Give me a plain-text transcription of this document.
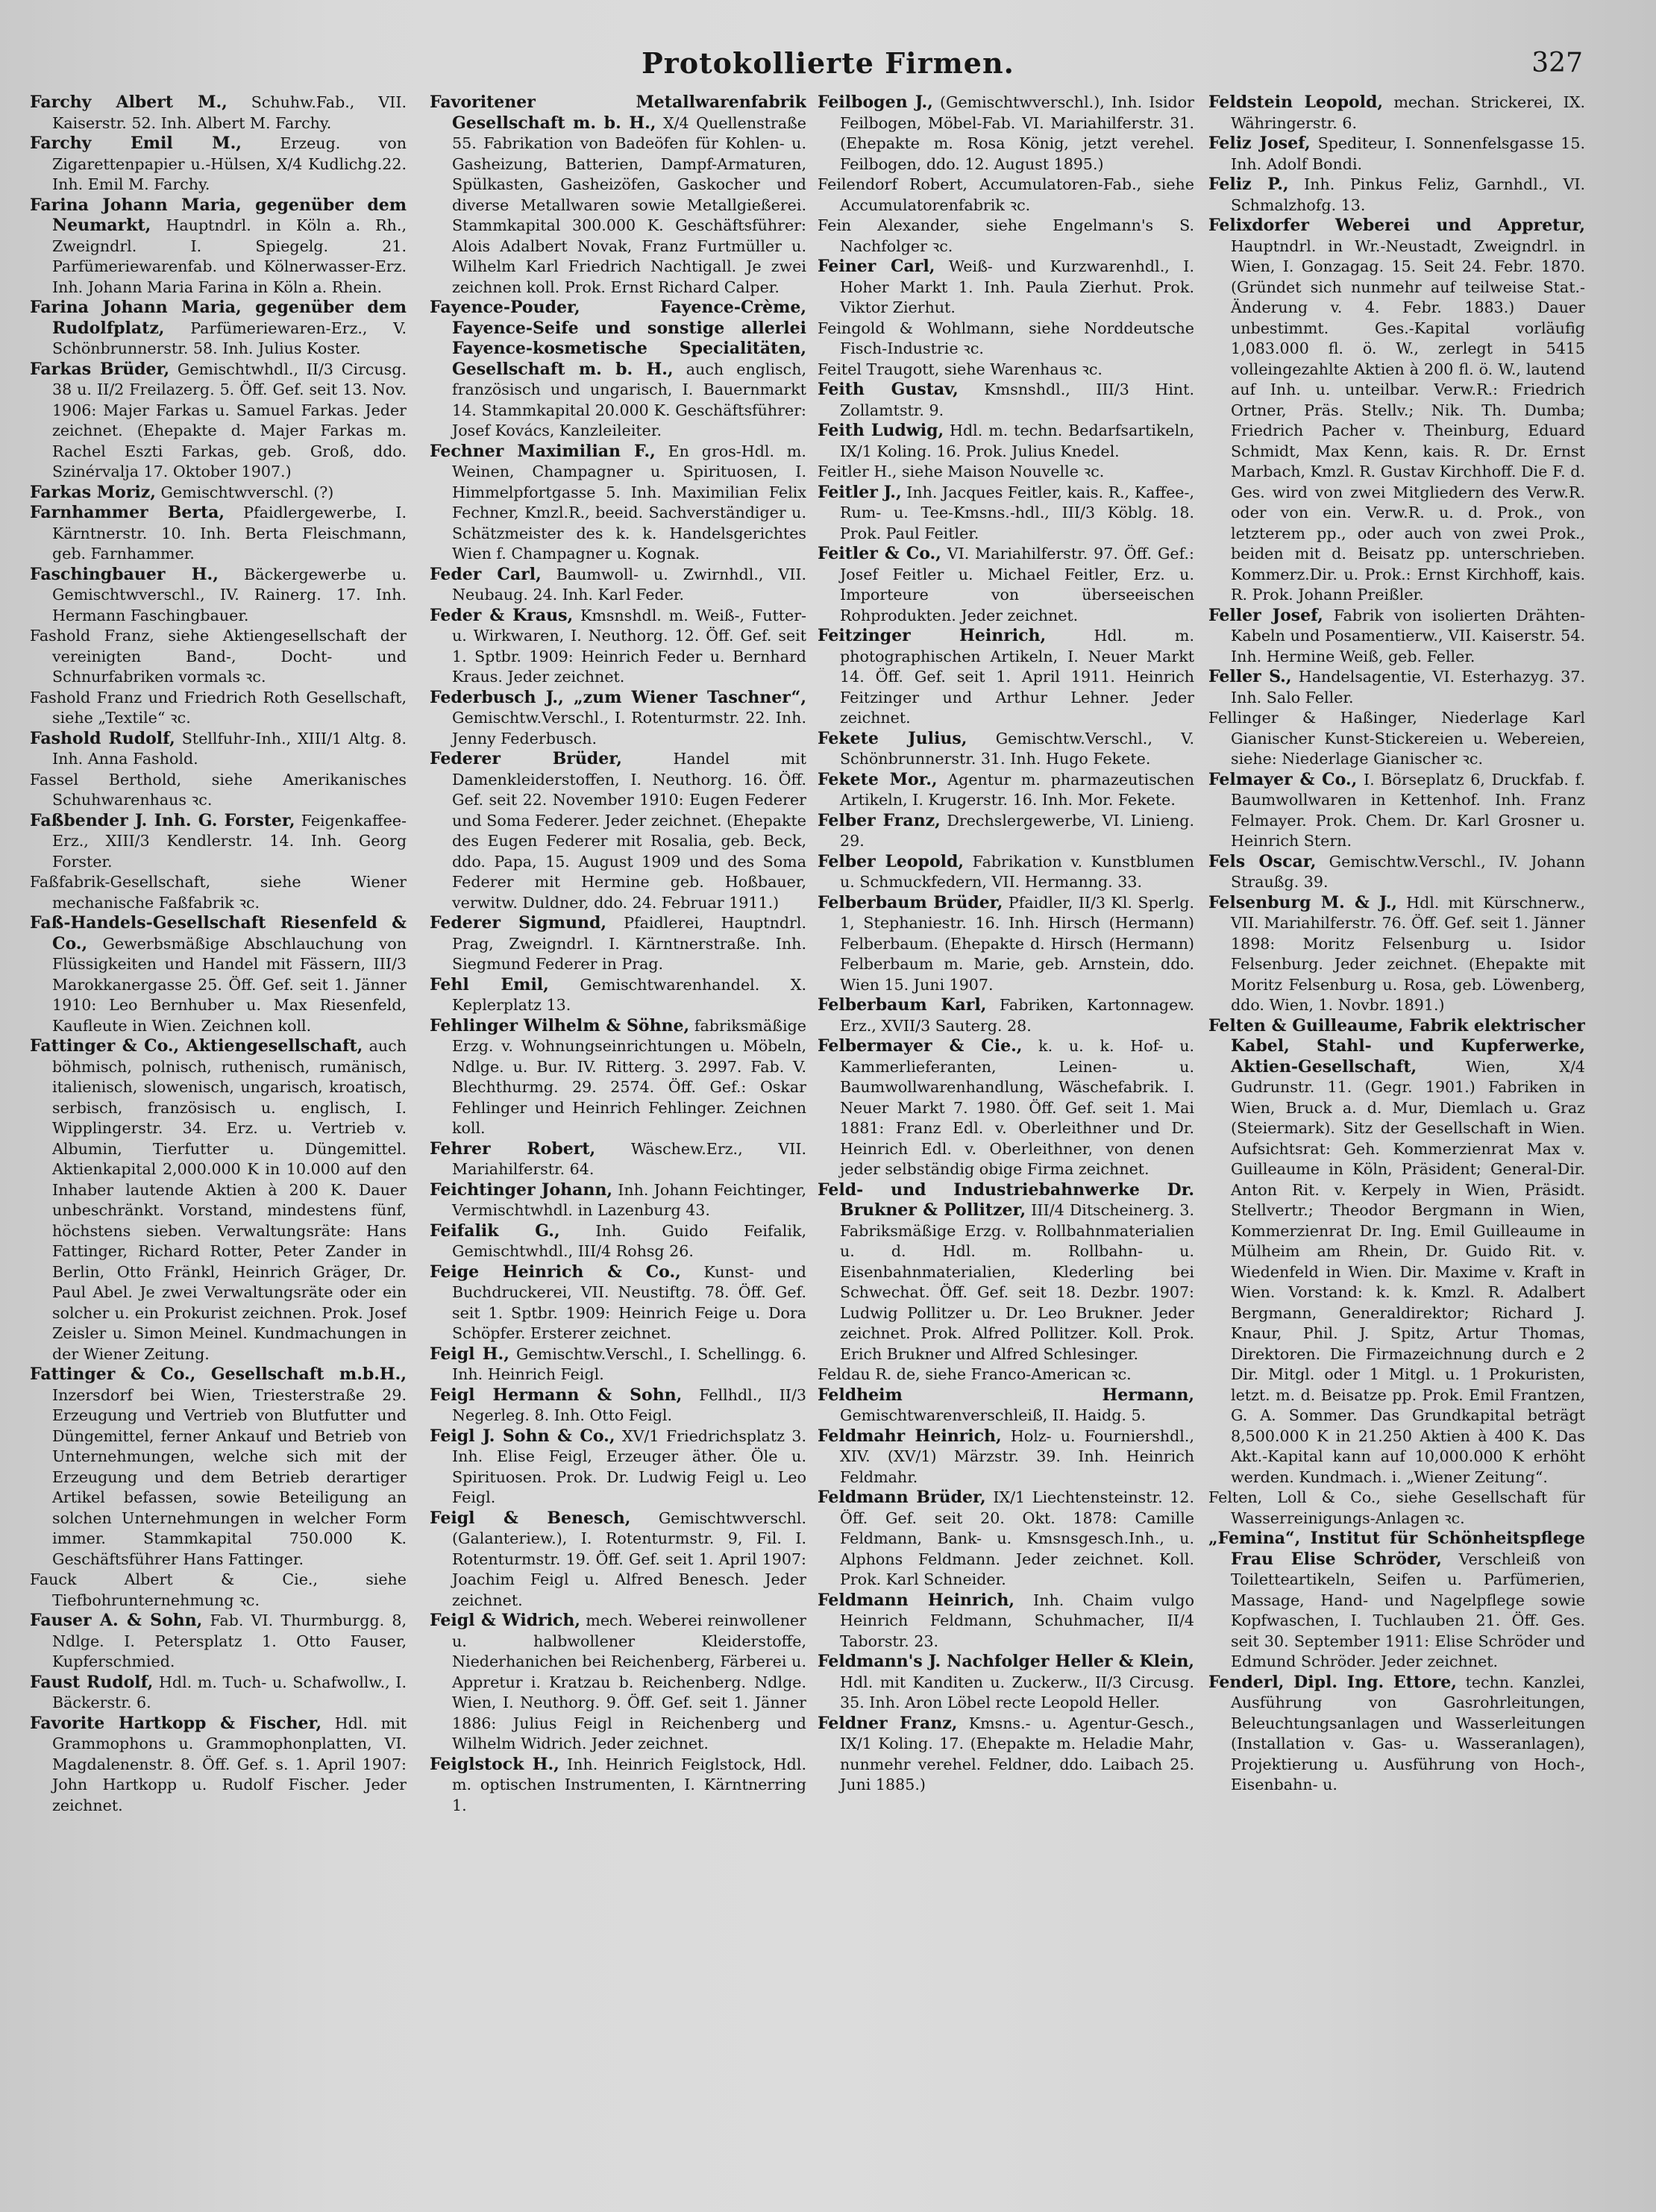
Protokollierte Firmen.	327

Farchy Albert M., Schuhw.Fab., VII. Kaiserstr. 52. Inh. Albert M. Farchy.

Farchy Emil M., Erzeug. von Zigarettenpapier u.-Hülsen, X/4 Kudlichg.22. Inh. Emil M. Farchy.

Farina Johann Maria, gegenüber dem Neumarkt, Hauptndrl. in Köln a. Rh., Zweigndrl. I. Spiegelg. 21. Parfümeriewarenfab. und Kölnerwasser-Erz. Inh. Johann Maria Farina in Köln a. Rhein.

Farina Johann Maria, gegenüber dem Rudolfplatz, Parfümeriewaren-Erz., V. Schönbrunnerstr. 58. Inh. Julius Koster.

Farkas Brüder, Gemischtwhdl., II/3 Circusg. 38 u. II/2 Freilazerg. 5. Öff. Gef. seit 13. Nov. 1906: Majer Farkas u. Samuel Farkas. Jeder zeichnet. (Ehepakte d. Majer Farkas m. Rachel Eszti Farkas, geb. Groß, ddo. Szinérvalja 17. Oktober 1907.)

Farkas Moriz, Gemischtwverschl. (?)

Farnhammer Berta, Pfaidlergewerbe, I. Kärntnerstr. 10. Inh. Berta Fleischmann, geb. Farnhammer.

Faschingbauer H., Bäckergewerbe u. Gemischtwverschl., IV. Rainerg. 17. Inh. Hermann Faschingbauer.

Fashold Franz, siehe Aktiengesellschaft der vereinigten Band-, Docht- und Schnurfabriken vormals ꝛc.

Fashold Franz und Friedrich Roth Gesellschaft, siehe „Textile“ ꝛc.

Fashold Rudolf, Stellfuhr-Inh., XIII/1 Altg. 8. Inh. Anna Fashold.

Fassel Berthold, siehe Amerikanisches Schuhwarenhaus ꝛc.

Faßbender J. Inh. G. Forster, Feigenkaffee-Erz., XIII/3 Kendlerstr. 14. Inh. Georg Forster.

Faßfabrik-Gesellschaft, siehe Wiener mechanische Faßfabrik ꝛc.

Faß-Handels-Gesellschaft Riesenfeld & Co., Gewerbsmäßige Abschlauchung von Flüssigkeiten und Handel mit Fässern, III/3 Marokkanergasse 25. Öff. Gef. seit 1. Jänner 1910: Leo Bernhuber u. Max Riesenfeld, Kaufleute in Wien. Zeichnen koll.

Fattinger & Co., Aktiengesellschaft, auch böhmisch, polnisch, ruthenisch, rumänisch, italienisch, slowenisch, ungarisch, kroatisch, serbisch, französisch u. englisch, I. Wipplingerstr. 34. Erz. u. Vertrieb v. Albumin, Tierfutter u. Düngemittel. Aktienkapital 2,000.000 K in 10.000 auf den Inhaber lautende Aktien à 200 K. Dauer unbeschränkt. Vorstand, mindestens fünf, höchstens sieben. Verwaltungsräte: Hans Fattinger, Richard Rotter, Peter Zander in Berlin, Otto Fränkl, Heinrich Gräger, Dr. Paul Abel. Je zwei Verwaltungsräte oder ein solcher u. ein Prokurist zeichnen. Prok. Josef Zeisler u. Simon Meinel. Kundmachungen in der Wiener Zeitung.

Fattinger & Co., Gesellschaft m.b.H., Inzersdorf bei Wien, Triesterstraße 29. Erzeugung und Vertrieb von Blutfutter und Düngemittel, ferner Ankauf und Betrieb von Unternehmungen, welche sich mit der Erzeugung und dem Betrieb derartiger Artikel befassen, sowie Beteiligung an solchen Unternehmungen in welcher Form immer. Stammkapital 750.000 K. Geschäftsführer Hans Fattinger.

Fauck Albert & Cie., siehe Tiefbohrunternehmung ꝛc.

Fauser A. & Sohn, Fab. VI. Thurmburgg. 8, Ndlge. I. Petersplatz 1. Otto Fauser, Kupferschmied.

Faust Rudolf, Hdl. m. Tuch- u. Schafwollw., I. Bäckerstr. 6.

Favorite Hartkopp & Fischer, Hdl. mit Grammophons u. Grammophonplatten, VI. Magdalenenstr. 8. Öff. Gef. s. 1. April 1907: John Hartkopp u. Rudolf Fischer. Jeder zeichnet.

Favoritener Metallwarenfabrik Gesellschaft m. b. H., X/4 Quellenstraße 55. Fabrikation von Badeöfen für Kohlen- u. Gasheizung, Batterien, Dampf-Armaturen, Spülkasten, Gasheizöfen, Gaskocher und diverse Metallwaren sowie Metallgießerei. Stammkapital 300.000 K. Geschäftsführer: Alois Adalbert Novak, Franz Furtmüller u. Wilhelm Karl Friedrich Nachtigall. Je zwei zeichnen koll. Prok. Ernst Richard Calper.

Fayence-Pouder, Fayence-Crème, Fayence-Seife und sonstige allerlei Fayence-kosmetische Specialitäten, Gesellschaft m. b. H., auch englisch, französisch und ungarisch, I. Bauernmarkt 14. Stammkapital 20.000 K. Geschäftsführer: Josef Kovács, Kanzleileiter.

Fechner Maximilian F., En gros-Hdl. m. Weinen, Champagner u. Spirituosen, I. Himmelpfortgasse 5. Inh. Maximilian Felix Fechner, Kmzl.R., beeid. Sachverständiger u. Schätzmeister des k. k. Handelsgerichtes Wien f. Champagner u. Kognak.

Feder Carl, Baumwoll- u. Zwirnhdl., VII. Neubaug. 24. Inh. Karl Feder.

Feder & Kraus, Kmsnshdl. m. Weiß-, Futter- u. Wirkwaren, I. Neuthorg. 12. Öff. Gef. seit 1. Sptbr. 1909: Heinrich Feder u. Bernhard Kraus. Jeder zeichnet.

Federbusch J., „zum Wiener Taschner“, Gemischtw.Verschl., I. Rotenturmstr. 22. Inh. Jenny Federbusch.

Federer Brüder,	Handel mit Damenkleiderstoffen, I. Neuthorg. 16. Öff. Gef. seit 22. November 1910: Eugen Federer und Soma Federer. Jeder zeichnet. (Ehepakte des Eugen Federer mit Rosalia, geb. Beck, ddo. Papa, 15. August 1909 und des Soma Federer mit Hermine geb. Hoßbauer, verwitw. Duldner, ddo. 24. Februar 1911.)

Federer Sigmund, Pfaidlerei, Hauptndrl. Prag, Zweigndrl. I. Kärntnerstraße. Inh. Siegmund Federer in Prag.

Fehl Emil, Gemischtwarenhandel. X. Keplerplatz 13.

Fehlinger Wilhelm & Söhne, fabriksmäßige Erzg. v. Wohnungseinrichtungen u. Möbeln, Ndlge. u. Bur. IV. Ritterg. 3. 2997. Fab. V. Blechthurmg. 29. 2574. Öff. Gef.: Oskar Fehlinger und Heinrich Fehlinger. Zeichnen koll.

Fehrer Robert, Wäschew.Erz., VII. Mariahilferstr. 64.

Feichtinger Johann, Inh. Johann Feichtinger, Vermischtwhdl. in Lazenburg 43.

Feifalik G., Inh. Guido Feifalik, Gemischtwhdl., III/4 Rohsg 26.

Feige Heinrich & Co., Kunst- und Buchdruckerei, VII. Neustiftg. 78. Öff. Gef. seit 1. Sptbr. 1909: Heinrich Feige u. Dora Schöpfer. Ersterer zeichnet.

Feigl H., Gemischtw.Verschl., I. Schellingg. 6. Inh. Heinrich Feigl.

Feigl Hermann & Sohn, Fellhdl., II/3 Negerleg. 8. Inh. Otto Feigl.

Feigl J. Sohn & Co., XV/1 Friedrichsplatz 3. Inh. Elise Feigl, Erzeuger äther. Öle u. Spirituosen. Prok. Dr. Ludwig Feigl u. Leo Feigl.

Feigl & Benesch, Gemischtwverschl. (Galanteriew.), I. Rotenturmstr. 9, Fil. I. Rotenturmstr. 19. Öff. Gef. seit 1. April 1907: Joachim Feigl u. Alfred Benesch. Jeder zeichnet.

Feigl & Widrich, mech. Weberei reinwollener u. halbwollener Kleiderstoffe, Niederhanichen bei Reichenberg, Färberei u. Appretur i. Kratzau b. Reichenberg. Ndlge. Wien, I. Neuthorg. 9. Öff. Gef. seit 1. Jänner 1886: Julius Feigl in Reichenberg und Wilhelm Widrich. Jeder zeichnet.

Feiglstock H., Inh. Heinrich Feiglstock, Hdl. m. optischen Instrumenten, I. Kärntnerring 1.

Feilbogen J., (Gemischtwverschl.), Inh. Isidor Feilbogen, Möbel-Fab. VI. Mariahilferstr. 31. (Ehepakte m. Rosa König, jetzt verehel. Feilbogen, ddo. 12. August 1895.)

Feilendorf Robert, Accumulatoren-Fab., siehe Accumulatorenfabrik ꝛc.

Fein Alexander, siehe Engelmann's S. Nachfolger ꝛc.

Feiner Carl, Weiß- und Kurzwarenhdl., I. Hoher Markt 1. Inh. Paula Zierhut. Prok. Viktor Zierhut.

Feingold & Wohlmann, siehe Norddeutsche Fisch-Industrie ꝛc.

Feitel Traugott, siehe Warenhaus ꝛc.

Feith Gustav, Kmsnshdl., III/3 Hint. Zollamtstr. 9.

Feith Ludwig, Hdl. m. techn. Bedarfsartikeln, IX/1 Koling. 16. Prok. Julius Knedel.

Feitler H., siehe Maison Nouvelle ꝛc.

Feitler J., Inh. Jacques Feitler, kais. R., Kaffee-, Rum- u. Tee-Kmsns.-hdl., III/3 Köblg. 18. Prok. Paul Feitler.

Feitler & Co., VI. Mariahilferstr. 97. Öff. Gef.: Josef Feitler u. Michael Feitler, Erz. u. Importeure von überseeischen Rohprodukten. Jeder zeichnet.

Feitzinger Heinrich,	Hdl. m. photographischen Artikeln, I. Neuer Markt 14. Öff. Gef. seit 1. April 1911. Heinrich Feitzinger und Arthur Lehner. Jeder zeichnet.

Fekete Julius, Gemischtw.Verschl., V. Schönbrunnerstr. 31. Inh. Hugo Fekete.

Fekete Mor., Agentur m. pharmazeutischen Artikeln, I. Krugerstr. 16. Inh. Mor. Fekete.

Felber Franz, Drechslergewerbe, VI. Linieng. 29.

Felber Leopold, Fabrikation v. Kunstblumen u. Schmuckfedern, VII. Hermanng. 33.

Felberbaum Brüder, Pfaidler, II/3 Kl. Sperlg. 1, Stephaniestr. 16. Inh. Hirsch (Hermann) Felberbaum. (Ehepakte d. Hirsch (Hermann) Felberbaum m. Marie, geb. Arnstein, ddo. Wien 15. Juni 1907.

Felberbaum Karl, Fabriken, Kartonnagew. Erz., XVII/3 Sauterg. 28.

Felbermayer & Cie., k. u. k. Hof- u. Kammerlieferanten, Leinen- u. Baumwollwarenhandlung, Wäschefabrik. I. Neuer Markt 7. 1980. Öff. Gef. seit 1. Mai 1881: Franz Edl. v. Oberleithner und Dr. Heinrich Edl. v. Oberleithner, von denen jeder selbständig obige Firma zeichnet.

Feld- und Industriebahnwerke Dr. Brukner & Pollitzer, III/4 Ditscheinerg. 3. Fabriksmäßige Erzg. v. Rollbahnmaterialien u. d. Hdl. m. Rollbahn- u. Eisenbahnmaterialien, Klederling bei Schwechat. Öff. Gef. seit 18. Dezbr. 1907: Ludwig Pollitzer u. Dr. Leo Brukner. Jeder zeichnet. Prok. Alfred Pollitzer. Koll. Prok. Erich Brukner und Alfred Schlesinger.

Feldau R. de, siehe Franco-American ꝛc.

Feldheim Hermann, Gemischtwarenverschleiß, II. Haidg. 5.

Feldmahr Heinrich, Holz- u. Fourniershdl., XIV. (XV/1) Märzstr. 39. Inh. Heinrich Feldmahr.

Feldmann Brüder, IX/1 Liechtensteinstr. 12. Öff. Gef. seit 20. Okt. 1878: Camille Feldmann, Bank- u. Kmsnsgesch.Inh., u. Alphons Feldmann. Jeder zeichnet. Koll. Prok. Karl Schneider.

Feldmann Heinrich, Inh. Chaim vulgo Heinrich Feldmann, Schuhmacher, II/4 Taborstr. 23.

Feldmann's J. Nachfolger Heller & Klein, Hdl. mit Kanditen u. Zuckerw., II/3 Circusg. 35. Inh. Aron Löbel recte Leopold Heller.

Feldner Franz, Kmsns.- u. Agentur-Gesch., IX/1 Koling. 17. (Ehepakte m. Heladie Mahr, nunmehr verehel. Feldner, ddo. Laibach 25. Juni 1885.)

Feldstein Leopold, mechan. Strickerei, IX. Währingerstr. 6.

Feliz Josef, Spediteur, I. Sonnenfelsgasse 15. Inh. Adolf Bondi.

Feliz P., Inh. Pinkus Feliz, Garnhdl., VI. Schmalzhofg. 13.

Felixdorfer Weberei und Appretur, Hauptndrl. in Wr.-Neustadt, Zweigndrl. in Wien, I. Gonzagag. 15. Seit 24. Febr. 1870. (Gründet sich nunmehr auf teilweise Stat.-Änderung v. 4. Febr. 1883.) Dauer unbestimmt. Ges.-Kapital vorläufig 1,083.000 fl. ö. W., zerlegt in 5415 volleingezahlte Aktien à 200 fl. ö. W., lautend auf Inh. u. unteilbar. Verw.R.: Friedrich Ortner, Präs. Stellv.; Nik. Th. Dumba; Friedrich Pacher v. Theinburg, Eduard Schmidt, Max Kenn, kais. R. Dr. Ernst Marbach, Kmzl. R. Gustav Kirchhoff. Die F. d. Ges. wird von zwei Mitgliedern des Verw.R. oder von ein. Verw.R. u. d. Prok., von letzterem pp., oder auch von zwei Prok., beiden mit d. Beisatz pp. unterschrieben. Kommerz.Dir. u. Prok.: Ernst Kirchhoff, kais. R. Prok. Johann Preißler.

Feller Josef, Fabrik von isolierten Drähten-Kabeln und Posamentierw., VII. Kaiserstr. 54. Inh. Hermine Weiß, geb. Feller.

Feller S., Handelsagentie, VI. Esterhazyg. 37. Inh. Salo Feller.

Fellinger & Haßinger, Niederlage Karl Gianischer Kunst-Stickereien u. Webereien, siehe: Niederlage Gianischer ꝛc.

Felmayer & Co., I. Börseplatz 6, Druckfab. f. Baumwollwaren in Kettenhof. Inh. Franz Felmayer. Prok. Chem. Dr. Karl Grosner u. Heinrich Stern.

Fels Oscar, Gemischtw.Verschl., IV. Johann Straußg. 39.

Felsenburg M. & J., Hdl. mit Kürschnerw., VII. Mariahilferstr. 76. Öff. Gef. seit 1. Jänner 1898: Moritz Felsenburg u. Isidor Felsenburg. Jeder zeichnet. (Ehepakte mit Moritz Felsenburg u. Rosa, geb. Löwenberg, ddo. Wien, 1. Novbr. 1891.)

Felten & Guilleaume, Fabrik elektrischer Kabel, Stahl- und Kupferwerke, Aktien-Gesellschaft,	Wien, X/4 Gudrunstr. 11. (Gegr. 1901.) Fabriken in Wien, Bruck a. d. Mur, Diemlach u. Graz (Steiermark). Sitz der Gesellschaft in Wien. Aufsichtsrat: Geh. Kommerzienrat Max v. Guilleaume in Köln, Präsident; General-Dir. Anton Rit. v. Kerpely in Wien, Präsidt. Stellvertr.; Theodor Bergmann in Wien, Kommerzienrat Dr. Ing. Emil Guilleaume in Mülheim am Rhein, Dr. Guido Rit. v. Wiedenfeld in Wien. Dir. Maxime v. Kraft in Wien. Vorstand: k. k. Kmzl. R. Adalbert Bergmann, Generaldirektor; Richard J. Knaur, Phil. J. Spitz, Artur Thomas, Direktoren. Die Firmazeichnung durch e 2 Dir. Mitgl. oder 1 Mitgl. u. 1 Prokuristen, letzt. m. d. Beisatze pp. Prok. Emil Frantzen, G. A. Sommer. Das Grundkapital beträgt 8,500.000 K in 21.250 Aktien à 400 K. Das Akt.-Kapital kann auf 10,000.000 K erhöht werden. Kundmach. i. „Wiener Zeitung“.

Felten, Loll & Co., siehe Gesellschaft für Wasserreinigungs-Anlagen ꝛc.

„Femina“, Institut für Schönheitspflege Frau Elise Schröder, Verschleiß von Toiletteartikeln, Seifen u. Parfümerien, Massage, Hand- und Nagelpflege sowie Kopfwaschen, I. Tuchlauben 21. Öff. Ges. seit 30. September 1911: Elise Schröder und Edmund Schröder. Jeder zeichnet.

Fenderl, Dipl. Ing. Ettore, techn. Kanzlei, Ausführung von Gasrohrleitungen, Beleuchtungsanlagen und Wasserleitungen (Installation v. Gas- u. Wasseranlagen), Projektierung u. Ausführung von Hoch-, Eisenbahn- u.
